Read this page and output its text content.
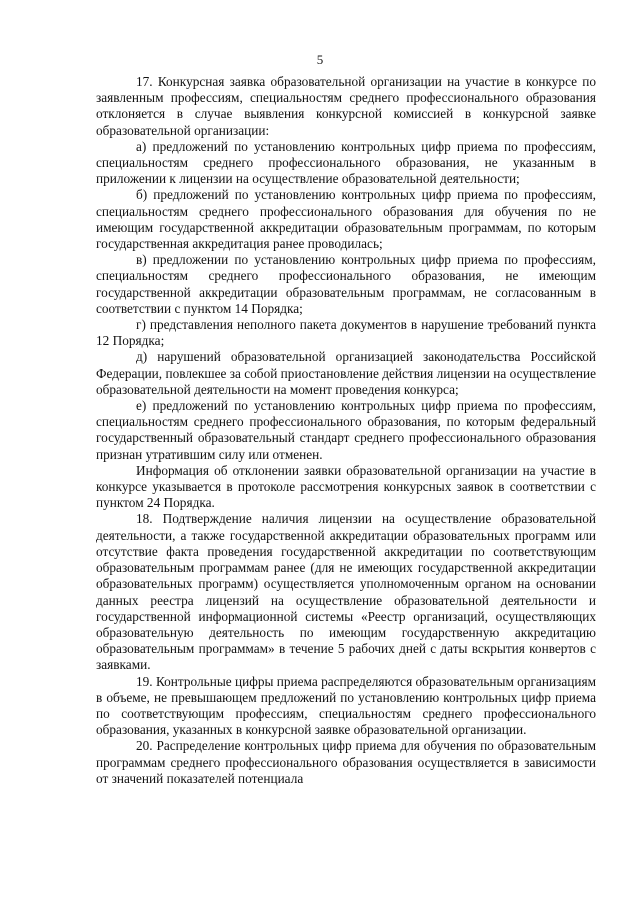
5

17. Конкурсная заявка образовательной организации на участие в конкурсе по заявленным профессиям, специальностям среднего профессионального образования отклоняется в случае выявления конкурсной комиссией в конкурсной заявке образовательной организации:

а) предложений по установлению контрольных цифр приема по профессиям, специальностям среднего профессионального образования, не указанным в приложении к лицензии на осуществление образовательной деятельности;

б) предложений по установлению контрольных цифр приема по профессиям, специальностям среднего профессионального образования для обучения по не имеющим государственной аккредитации образовательным программам, по которым государственная аккредитация ранее проводилась;

в) предложении по установлению контрольных цифр приема по профессиям, специальностям среднего профессионального образования, не имеющим государственной аккредитации образовательным программам, не согласованным в соответствии с пунктом 14 Порядка;

г) представления неполного пакета документов в нарушение требований пункта 12 Порядка;

д) нарушений образовательной организацией законодательства Российской Федерации, повлекшее за собой приостановление действия лицензии на осуществление образовательной деятельности на момент проведения конкурса;

е) предложений по установлению контрольных цифр приема по профессиям, специальностям среднего профессионального образования, по которым федеральный государственный образовательный стандарт среднего профессионального образования признан утратившим силу или отменен.

Информация об отклонении заявки образовательной организации на участие в конкурсе указывается в протоколе рассмотрения конкурсных заявок в соответствии с пунктом 24 Порядка.

18. Подтверждение наличия лицензии на осуществление образовательной деятельности, а также государственной аккредитации образовательных программ или отсутствие факта проведения государственной аккредитации по соответствующим образовательным программам ранее (для не имеющих государственной аккредитации образовательных программ) осуществляется уполномоченным органом на основании данных реестра лицензий на осуществление образовательной деятельности и государственной информационной системы «Реестр организаций, осуществляющих образовательную деятельность по имеющим государственную аккредитацию образовательным программам» в течение 5 рабочих дней с даты вскрытия конвертов с заявками.

19. Контрольные цифры приема распределяются образовательным организациям в объеме, не превышающем предложений по установлению контрольных цифр приема по соответствующим профессиям, специальностям среднего профессионального образования, указанных в конкурсной заявке образовательной организации.

20. Распределение контрольных цифр приема для обучения по образовательным программам среднего профессионального образования осуществляется в зависимости от значений показателей потенциала
